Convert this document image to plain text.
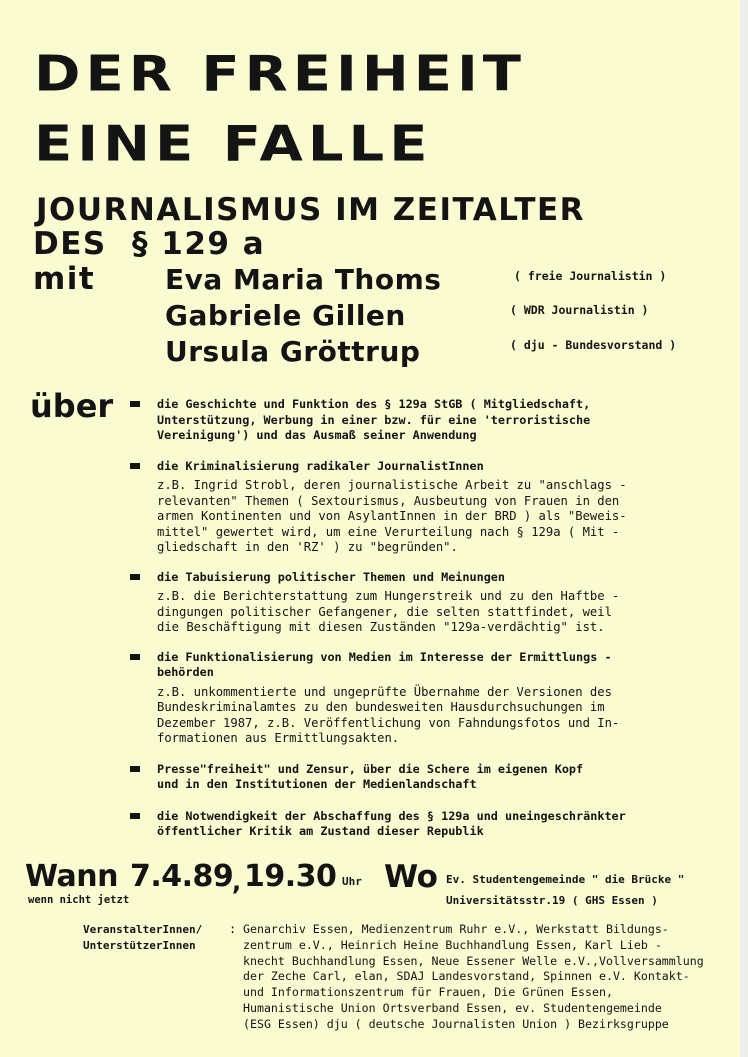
DER FREIHEIT
EINE FALLE
JOURNALISMUS IM ZEITALTER
DES § 129 a
mit Eva Maria Thoms	( freie Journalistin )
Gabriele Gillen	( WDR Journalistin )
Ursula Gröttrup	( dju - Bundesvorstand )
über	die Geschichte und Funktion des § 129a StGB ( Mitgliedschaft,
Unterstützung, Werbung in einer bzw. für eine 'terroristische
Vereinigung') und das Ausmaß seiner Anwendung
die Kriminalisierung radikaler JournalistInnen
z.B. Ingrid Strobl, deren journalistische Arbeit zu "anschlags -
relevanten" Themen ( Sextourismus, Ausbeutung von Frauen in den
armen Kontinenten und von AsylantInnen in der BRD ) als "Beweis-
mittel" gewertet wird, um eine Verurteilung nach § 129a ( Mit -
gliedschaft in den 'RZ' ) zu "begründen".
die Tabuisierung politischer Themen und Meinungen
z.B. die Berichterstattung zum Hungerstreik und zu den Haftbe -
dingungen politischer Gefangener, die selten stattfindet, weil
die Beschäftigung mit diesen Zuständen "129a-verdächtig" ist.
die Funktionalisierung von Medien im Interesse der Ermittlungs -
behörden
z.B. unkommentierte und ungeprüfte Übernahme der Versionen des
Bundeskriminalamtes zu den bundesweiten Hausdurchsuchungen im
Dezember 1987, z.B. Veröffentlichung von Fahndungsfotos und In-
formationen aus Ermittlungsakten.
Presse"freiheit" und Zensur, über die Schere im eigenen Kopf
und in den Institutionen der Medienlandschaft
die Notwendigkeit der Abschaffung des § 129a und uneingeschränkter
öffentlicher Kritik am Zustand dieser Republik
Wann 7.4.89
, 19.30 Uhr
wenn nicht jetzt
Wo Ev. Studentengemeinde " die Brücke "
Universitätsstr.19 ( GHS Essen )
VeranstalterInnen/
UnterstützerInnen
: Genarchiv Essen, Medienzentrum Ruhr e.V., Werkstatt Bildungs-
zentrum e.V., Heinrich Heine Buchhandlung Essen, Karl Lieb -
knecht Buchhandlung Essen, Neue Essener Welle e.V.,Vollversammlung
der Zeche Carl, elan, SDAJ Landesvorstand, Spinnen e.V. Kontakt-
und Informationszentrum für Frauen, Die Grünen Essen,
Humanistische Union Ortsverband Essen, ev. Studentengemeinde
(ESG Essen) dju ( deutsche Journalisten Union ) Bezirksgruppe
